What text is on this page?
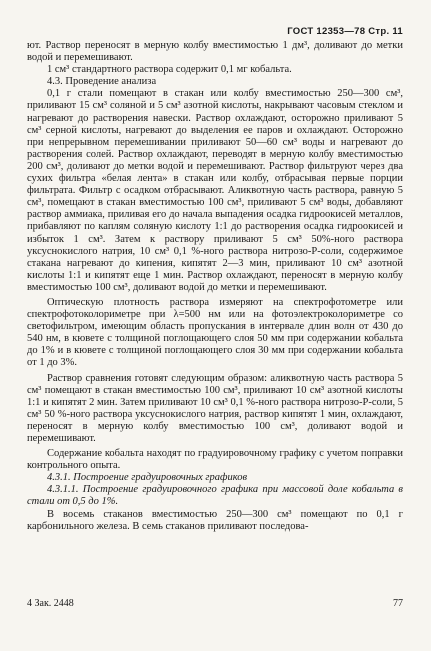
ГОСТ 12353—78 Стр. 11

ют. Раствор переносят в мерную колбу вместимостью 1 дм³, доливают до метки водой и перемешивают.

1 см³ стандартного раствора содержит 0,1 мг кобальта.

4.3. Проведение анализа

0,1 г стали помещают в стакан или колбу вместимостью 250—300 см³, приливают 15 см³ соляной и 5 см³ азотной кислоты, накрывают часовым стеклом и нагревают до растворения навески. Раствор охлаждают, осторожно приливают 5 см³ серной кислоты, нагревают до выделения ее паров и охлаждают. Осторожно при непрерывном перемешивании приливают 50—60 см³ воды и нагревают до растворения солей. Раствор охлаждают, переводят в мерную колбу вместимостью 200 см³, доливают до метки водой и перемешивают. Раствор фильтруют через два сухих фильтра «белая лента» в стакан или колбу, отбрасывая первые порции фильтрата. Фильтр с осадком отбрасывают. Аликвотную часть раствора, равную 5 см³, помещают в стакан вместимостью 100 см³, приливают 5 см³ воды, добавляют раствор аммиака, приливая его до начала выпадения осадка гидроокисей металлов, прибавляют по каплям соляную кислоту 1:1 до растворения осадка гидроокисей и избыток 1 см³. Затем к раствору приливают 5 см³ 50%-ного раствора уксуснокислого натрия, 10 см³ 0,1 %-ного раствора нитрозо-Р-соли, содержимое стакана нагревают до кипения, кипятят 2—3 мин, приливают 10 см³ азотной кислоты 1:1 и кипятят еще 1 мин. Раствор охлаждают, переносят в мерную колбу вместимостью 100 см³, доливают водой до метки и перемешивают.

Оптическую плотность раствора измеряют на спектрофотометре или спектрофотоколориметре при λ=500 нм или на фотоэлектроколориметре со светофильтром, имеющим область пропускания в интервале длин волн от 430 до 540 нм, в кювете с толщиной поглощающего слоя 50 мм при содержании кобальта до 1% и в кювете с толщиной поглощающего слоя 30 мм при содержании кобальта от 1 до 3%.

Раствор сравнения готовят следующим образом: аликвотную часть раствора 5 см³ помещают в стакан вместимостью 100 см³, приливают 10 см³ азотной кислоты 1:1 и кипятят 2 мин. Затем приливают 10 см³ 0,1 %-ного раствора нитрозо-Р-соли, 5 см³ 50 %-ного раствора уксуснокислого натрия, раствор кипятят 1 мин, охлаждают, переносят в мерную колбу вместимостью 100 см³, доливают водой и перемешивают.

Содержание кобальта находят по градуировочному графику с учетом поправки контрольного опыта.

4.3.1. Построение градуировочных графиков

4.3.1.1. Построение градуировочного графика при массовой доле кобальта в стали от 0,5 до 1%.

В восемь стаканов вместимостью 250—300 см³ помещают по 0,1 г карбонильного железа. В семь стаканов приливают последова-

4 Зак. 2448	77
